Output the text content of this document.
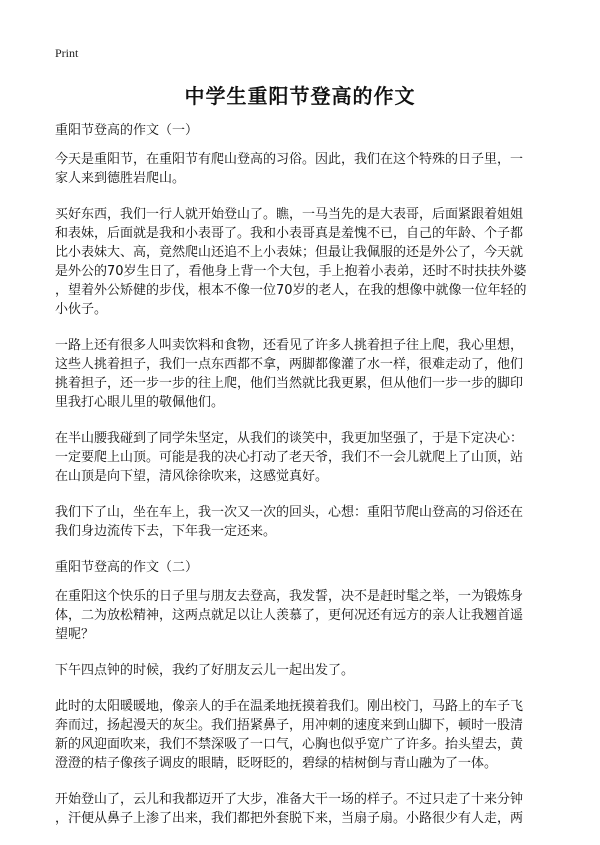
Print
中学生重阳节登高的作文
重阳节登高的作文（一）
今天是重阳节，在重阳节有爬山登高的习俗。因此，我们在这个特殊的日子里，一
家人来到德胜岩爬山。
买好东西，我们一行人就开始登山了。瞧，一马当先的是大表哥，后面紧跟着姐姐
和表妹，后面就是我和小表哥了。我和小表哥真是羞愧不已，自己的年龄、个子都
比小表妹大、高，竟然爬山还追不上小表妹；但最让我佩服的还是外公了，今天就
是外公的70岁生日了，看他身上背一个大包，手上抱着小表弟，还时不时扶扶外婆
，望着外公矫健的步伐，根本不像一位70岁的老人，在我的想像中就像一位年轻的
小伙子。
一路上还有很多人叫卖饮料和食物，还看见了许多人挑着担子往上爬，我心里想，
这些人挑着担子，我们一点东西都不拿，两脚都像灌了水一样，很难走动了，他们
挑着担子，还一步一步的往上爬，他们当然就比我更累，但从他们一步一步的脚印
里我打心眼儿里的敬佩他们。
在半山腰我碰到了同学朱坚定，从我们的谈笑中，我更加坚强了，于是下定决心：
一定要爬上山顶。可能是我的决心打动了老天爷，我们不一会儿就爬上了山顶，站
在山顶是向下望，清风徐徐吹来，这感觉真好。
我们下了山，坐在车上，我一次又一次的回头，心想：重阳节爬山登高的习俗还在
我们身边流传下去，下年我一定还来。
重阳节登高的作文（二）
在重阳这个快乐的日子里与朋友去登高，我发誓，决不是赶时髦之举，一为锻炼身
体，二为放松精神，这两点就足以让人羡慕了，更何况还有远方的亲人让我翘首遥
望呢？
下午四点钟的时候，我约了好朋友云儿一起出发了。
此时的太阳暖暖地，像亲人的手在温柔地抚摸着我们。刚出校门，马路上的车子飞
奔而过，扬起漫天的灰尘。我们捂紧鼻子，用冲刺的速度来到山脚下，顿时一股清
新的风迎面吹来，我们不禁深吸了一口气，心胸也似乎宽广了许多。抬头望去，黄
澄澄的桔子像孩子调皮的眼睛，眨呀眨的，碧绿的桔树倒与青山融为了一体。
开始登山了，云儿和我都迈开了大步，准备大干一场的样子。不过只走了十来分钟
，汗便从鼻子上渗了出来，我们都把外套脱下来，当扇子扇。小路很少有人走，两
